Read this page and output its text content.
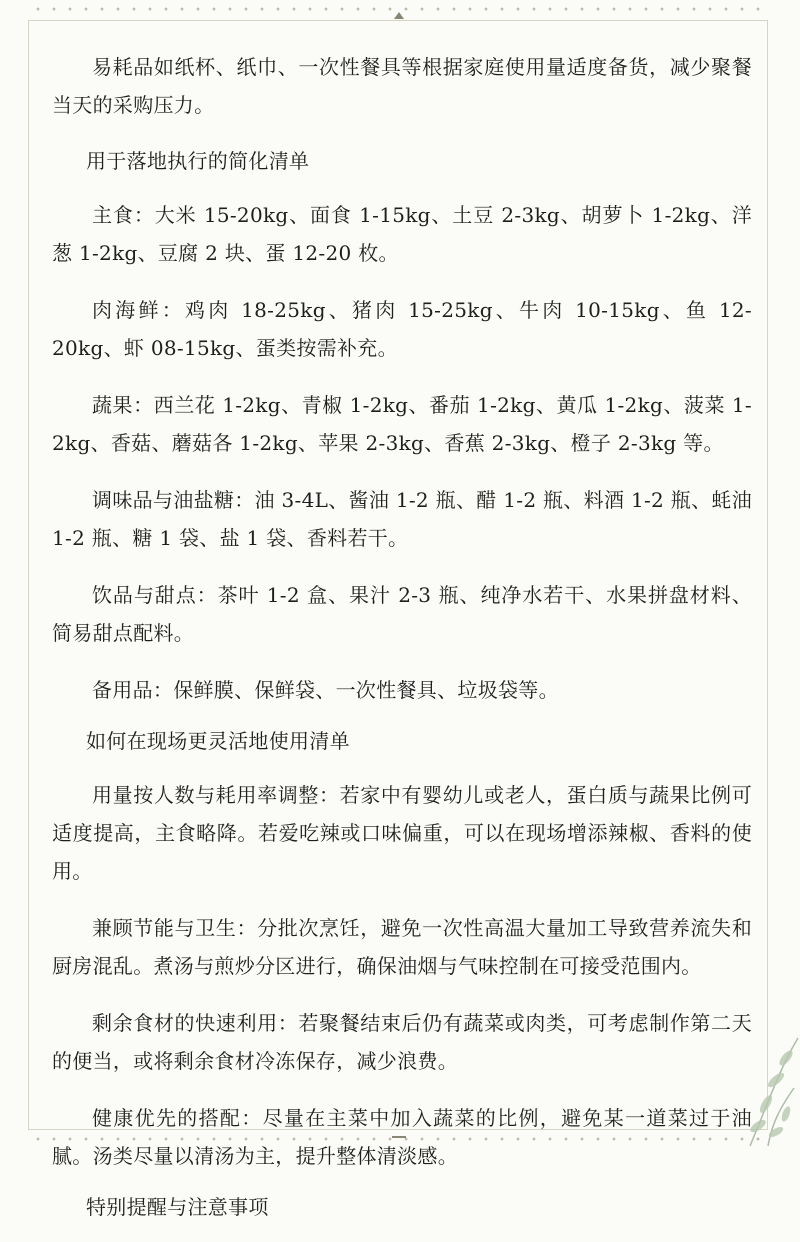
易耗品如纸杯、纸巾、一次性餐具等根据家庭使用量适度备货，减少聚餐当天的采购压力。

用于落地执行的简化清单

主食：大米 15-20kg、面食 1-15kg、土豆 2-3kg、胡萝卜 1-2kg、洋葱 1-2kg、豆腐 2 块、蛋 12-20 枚。

肉海鲜：鸡肉 18-25kg、猪肉 15-25kg、牛肉 10-15kg、鱼 12-20kg、虾 08-15kg、蛋类按需补充。

蔬果：西兰花 1-2kg、青椒 1-2kg、番茄 1-2kg、黄瓜 1-2kg、菠菜 1-2kg、香菇、蘑菇各 1-2kg、苹果 2-3kg、香蕉 2-3kg、橙子 2-3kg 等。

调味品与油盐糖：油 3-4L、酱油 1-2 瓶、醋 1-2 瓶、料酒 1-2 瓶、蚝油 1-2 瓶、糖 1 袋、盐 1 袋、香料若干。

饮品与甜点：茶叶 1-2 盒、果汁 2-3 瓶、纯净水若干、水果拼盘材料、简易甜点配料。

备用品：保鲜膜、保鲜袋、一次性餐具、垃圾袋等。

如何在现场更灵活地使用清单

用量按人数与耗用率调整：若家中有婴幼儿或老人，蛋白质与蔬果比例可适度提高，主食略降。若爱吃辣或口味偏重，可以在现场增添辣椒、香料的使用。

兼顾节能与卫生：分批次烹饪，避免一次性高温大量加工导致营养流失和厨房混乱。煮汤与煎炒分区进行，确保油烟与气味控制在可接受范围内。

剩余食材的快速利用：若聚餐结束后仍有蔬菜或肉类，可考虑制作第二天的便当，或将剩余食材冷冻保存，减少浪费。

健康优先的搭配：尽量在主菜中加入蔬菜的比例，避免某一道菜过于油腻。汤类尽量以清汤为主，提升整体清淡感。

特别提醒与注意事项
